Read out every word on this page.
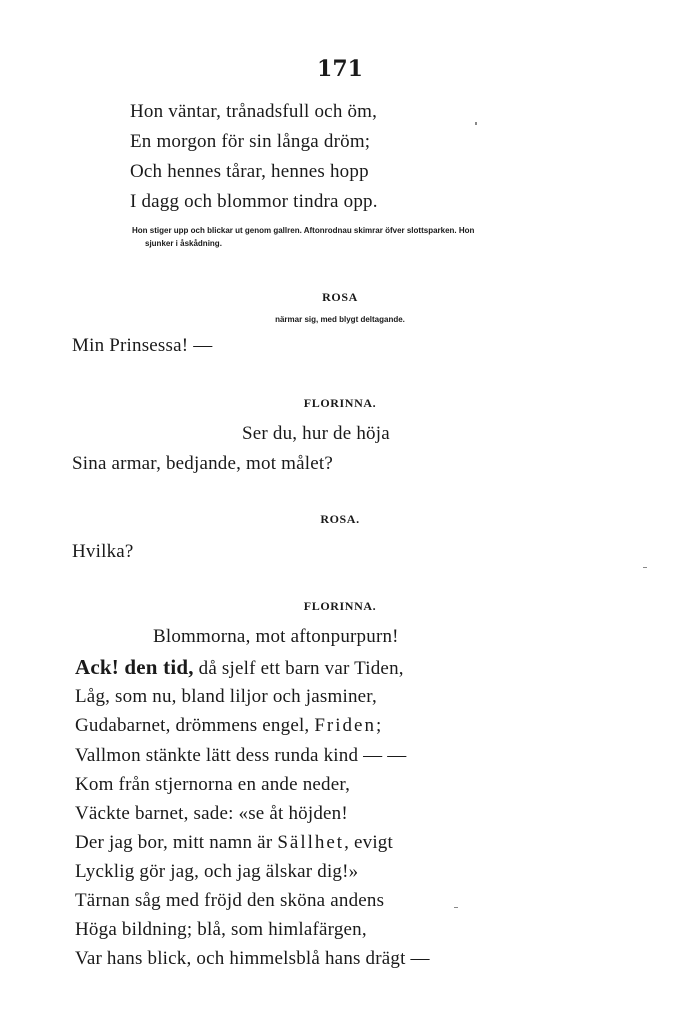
171
Hon väntar, trånadsfull och öm,
En morgon för sin långa dröm;
Och hennes tårar, hennes hopp
I dagg och blommor tindra opp.
Hon stiger upp och blickar ut genom gallren. Aftonrodnau skimrar öfver slottsparken. Hon
sjunker i åskådning.
ROSA
närmar sig, med blygt deltagande.
Min Prinsessa! —
FLORINNA.
Ser du, hur de höja
Sina armar, bedjande, mot målet?
ROSA.
Hvilka?
FLORINNA.
Blommorna, mot aftonpurpurn!
Ack! den tid, då sjelf ett barn var Tiden,
Låg, som nu, bland liljor och jasminer,
Gudabarnet, drömmens engel, Friden;
Vallmon stänkte lätt dess runda kind — —
Kom från stjernorna en ande neder,
Väckte barnet, sade: «se åt höjden!
Der jag bor, mitt namn är Sällhet, evigt
Lycklig gör jag, och jag älskar dig!»
Tärnan såg med fröjd den sköna andens
Höga bildning; blå, som himlafärgen,
Var hans blick, och himmelsblå hans drägt —
